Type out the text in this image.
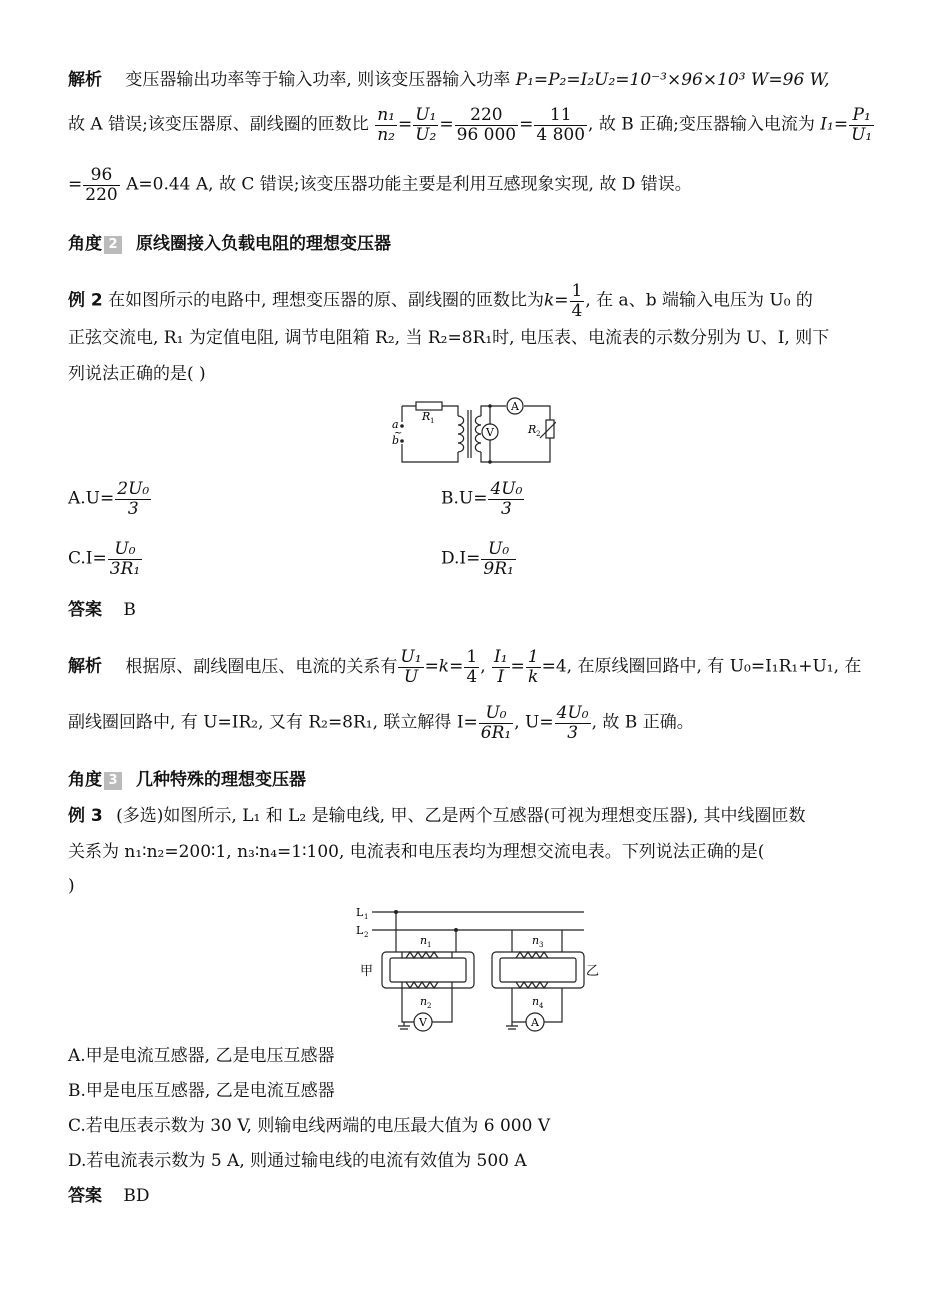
解析 变压器输出功率等于输入功率, 则该变压器输入功率 P₁=P₂=I₂U₂=10⁻³×96×10³ W=96 W,
故 A 错误;该变压器原、副线圈的匝数比 $\frac{\text{n₁}}{\text{n₂}} = \frac{\text{U₁}}{\text{U₂}} = \frac{220}{96 000} = \frac{11}{4 800}$ , 故 B 正确;变压器输入电流为 $I_1= \frac{\text{P₁}}{\text{U₁}}$
= $\frac{96}{220} A=0.44$ A, 故 C 错误;该变压器功能主要是利用互感现象实现, 故 D 错误。
角度 2 原线圈接入负载电阻的理想变压器
例 2 在如图所示的电路中, 理想变压器的原、副线圈的匝数比为$k= \frac{1}{4}$ , 在 a、b 端输入电压为 U₀ 的
正弦交流电, R₁ 为定值电阻, 调节电阻箱 R₂, 当 R₂=8R₁时, 电压表、电流表的示数分别为 U、I, 则下
列说法正确的是( )
A
V
a
~
b
R 1
R 2
$A.U= \frac{\text{2U₀}}{3}$	$B.U= \frac{\text{4U₀}}{3}$
$C.I= \frac{\text{U₀}}{\text{3R₁}}$	$D.I= \frac{\text{U₀}}{\text{9R₁}}$
答案 B
解析 根据原、副线圈电压、电流的关系有 $\frac{\text{U₁}}{U} =k= \frac{1}{4}$ , $\frac{\text{I₁}}{I} = \frac{1}{k} =4$, 在原线圈回路中, 有 U₀=I₁R₁+U₁, 在
副线圈回路中, 有 U=IR₂, 又有 R₂=8R₁, 联立解得 $I= \frac{\text{U₀}}{\text{6R₁}}$ , $U= \frac{\text{4U₀}}{3}$ , 故 B 正确。
角度 3 几种特殊的理想变压器
例 3 (多选)如图所示, L₁ 和 L₂ 是输电线, 甲、乙是两个互感器(可视为理想变压器), 其中线圈匝数
关系为 n₁∶n₂=200∶1, n₃∶n₄=1∶100, 电流表和电压表均为理想交流电表。下列说法正确的是(
)
V	A
L 1
L 2
甲	乙
n 1
n 2
n 3
n 4
A.甲是电流互感器, 乙是电压互感器
B.甲是电压互感器, 乙是电流互感器
C.若电压表示数为 30 V, 则输电线两端的电压最大值为 6 000 V
D.若电流表示数为 5 A, 则通过输电线的电流有效值为 500 A
答案 BD
